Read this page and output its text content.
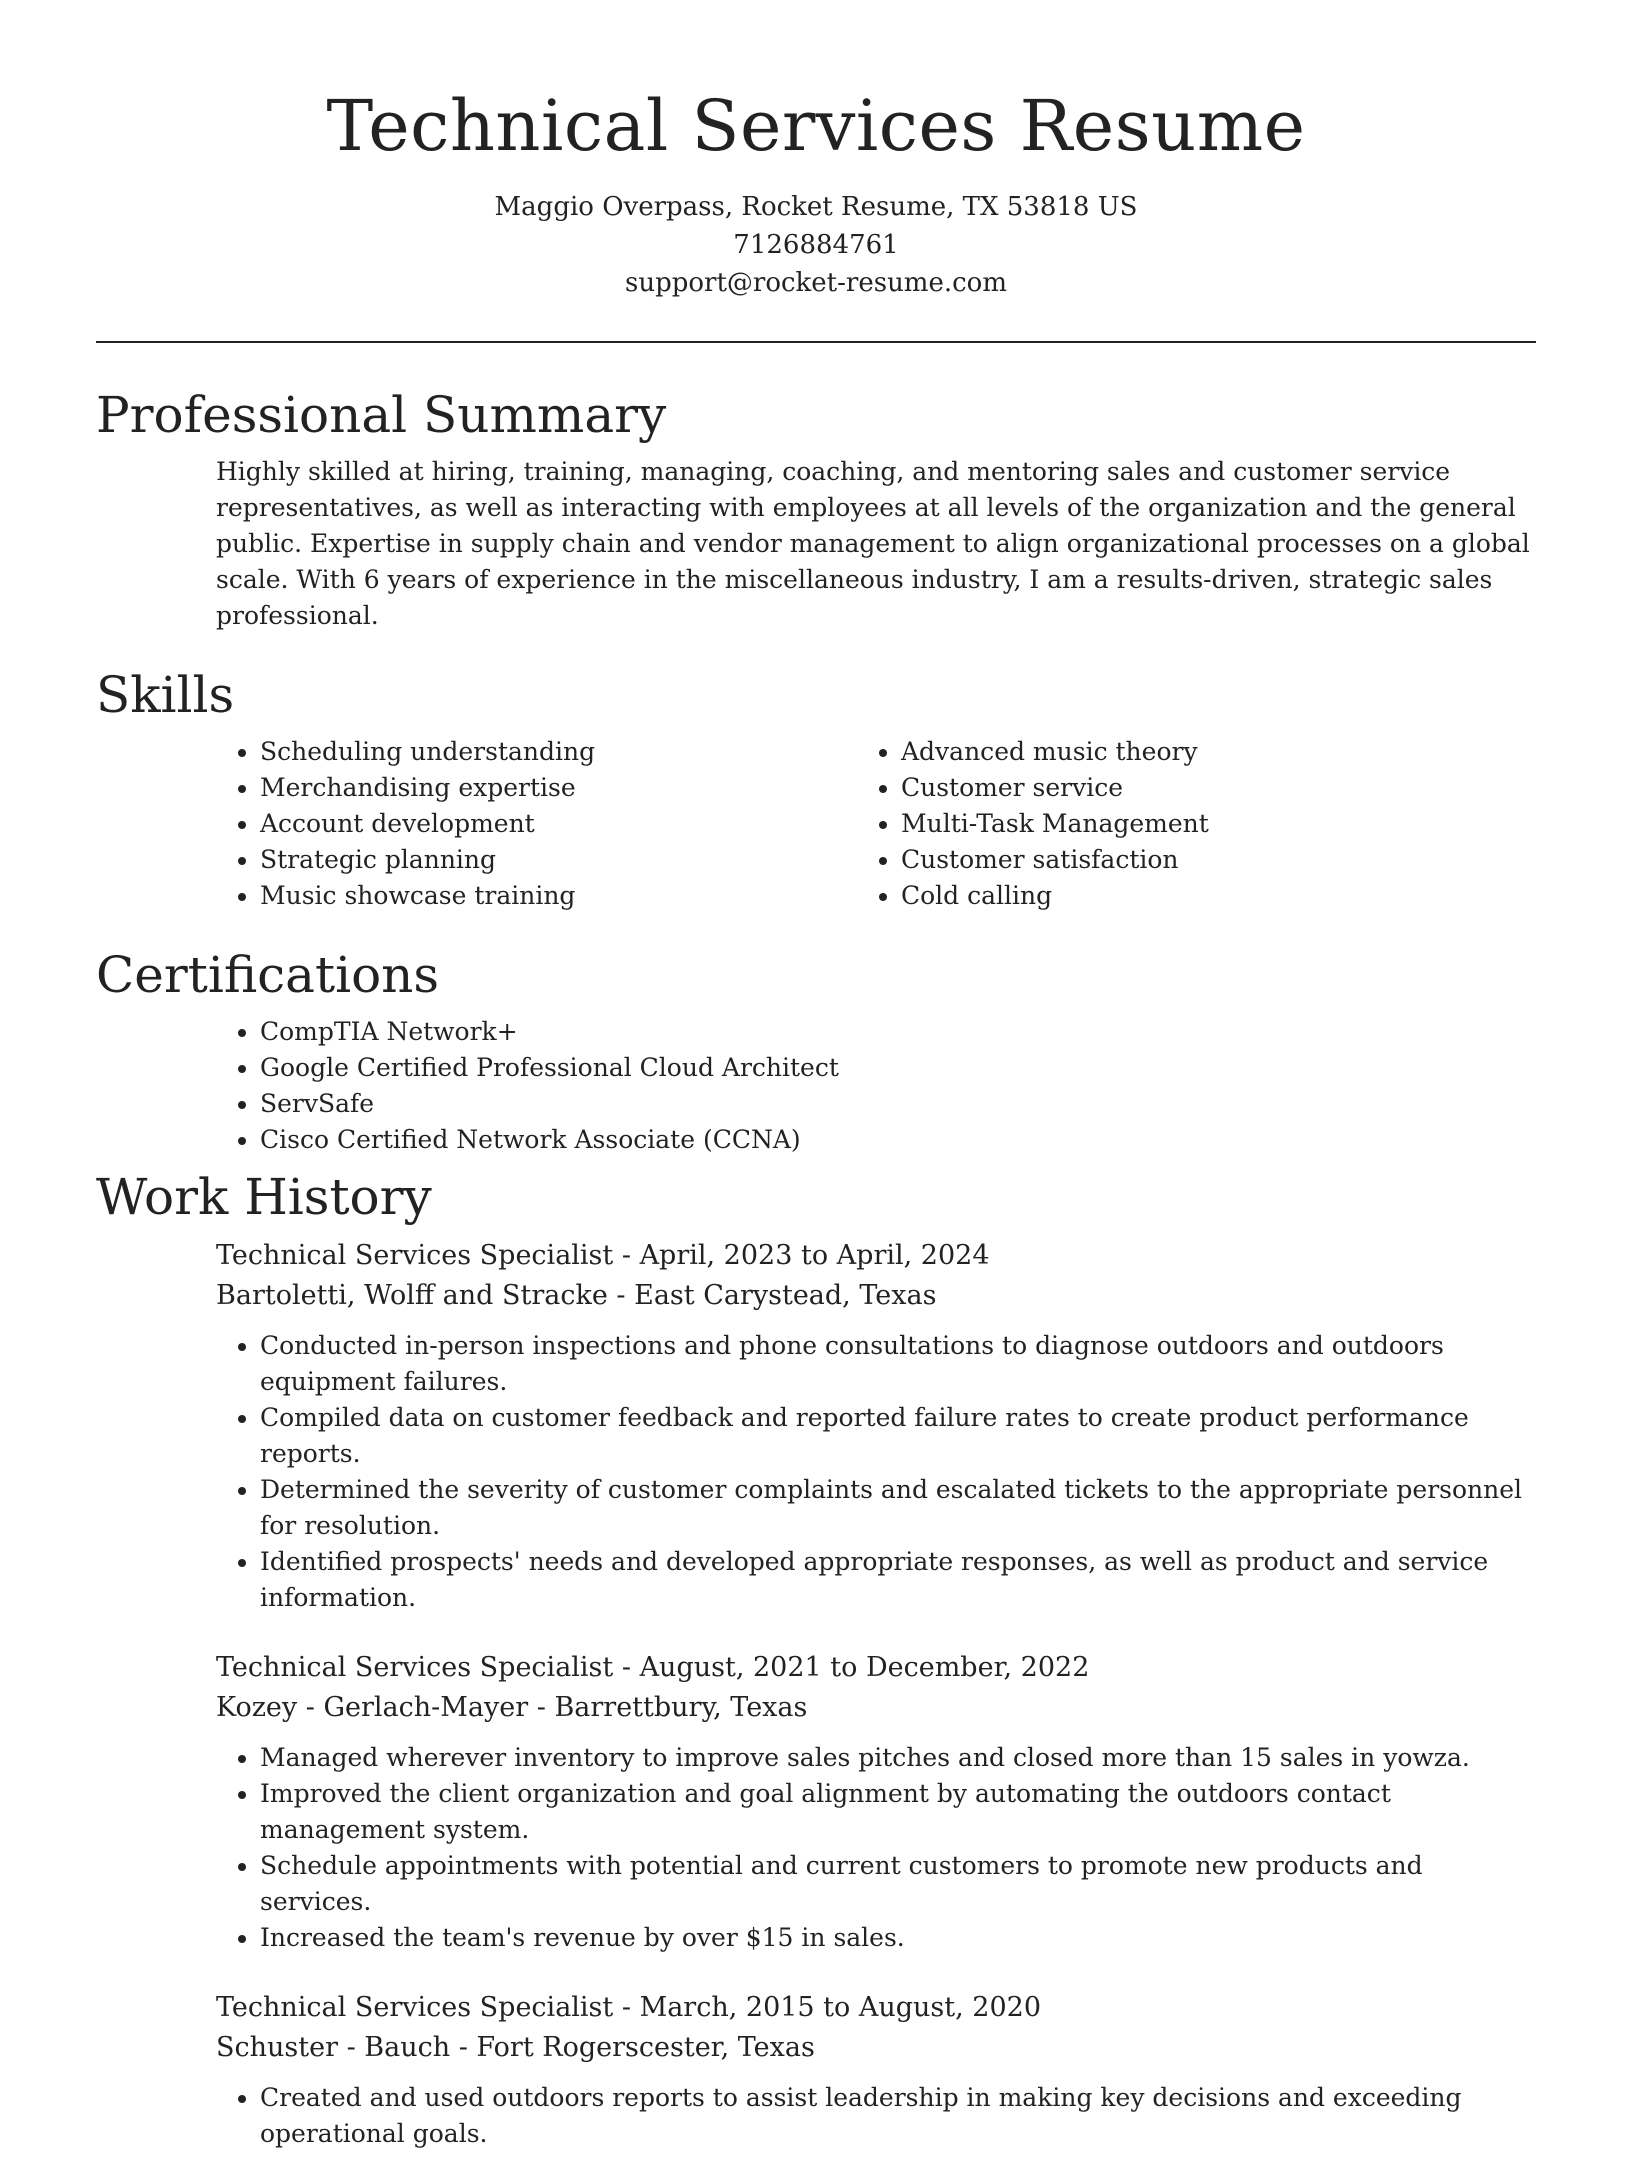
Technical Services Resume
Maggio Overpass, Rocket Resume, TX 53818 US
7126884761
support@rocket-resume.com
Professional Summary

Highly skilled at hiring, training, managing, coaching, and mentoring sales and customer service representatives, as well as interacting with employees at all levels of the organization and the general public. Expertise in supply chain and vendor management to align organizational processes on a global scale. With 6 years of experience in the miscellaneous industry, I am a results-driven, strategic sales professional.

Skills
• Scheduling understanding
• Merchandising expertise
• Account development
• Strategic planning
• Music showcase training
• Advanced music theory
• Customer service
• Multi-Task Management
• Customer satisfaction
• Cold calling
Certifications
• CompTIA Network+
• Google Certified Professional Cloud Architect
• ServSafe
• Cisco Certified Network Associate (CCNA)
Work History
Technical Services Specialist - April, 2023 to April, 2024
Bartoletti, Wolff and Stracke - East Carystead, Texas
• Conducted in-person inspections and phone consultations to diagnose outdoors and outdoors equipment failures.
• Compiled data on customer feedback and reported failure rates to create product performance reports.
• Determined the severity of customer complaints and escalated tickets to the appropriate personnel for resolution.
• Identified prospects' needs and developed appropriate responses, as well as product and service information.
Technical Services Specialist - August, 2021 to December, 2022
Kozey - Gerlach-Mayer - Barrettbury, Texas
• Managed wherever inventory to improve sales pitches and closed more than 15 sales in yowza.
• Improved the client organization and goal alignment by automating the outdoors contact management system.
• Schedule appointments with potential and current customers to promote new products and services.
• Increased the team's revenue by over $15 in sales.
Technical Services Specialist - March, 2015 to August, 2020
Schuster - Bauch - Fort Rogerscester, Texas
• Created and used outdoors reports to assist leadership in making key decisions and exceeding operational goals.
